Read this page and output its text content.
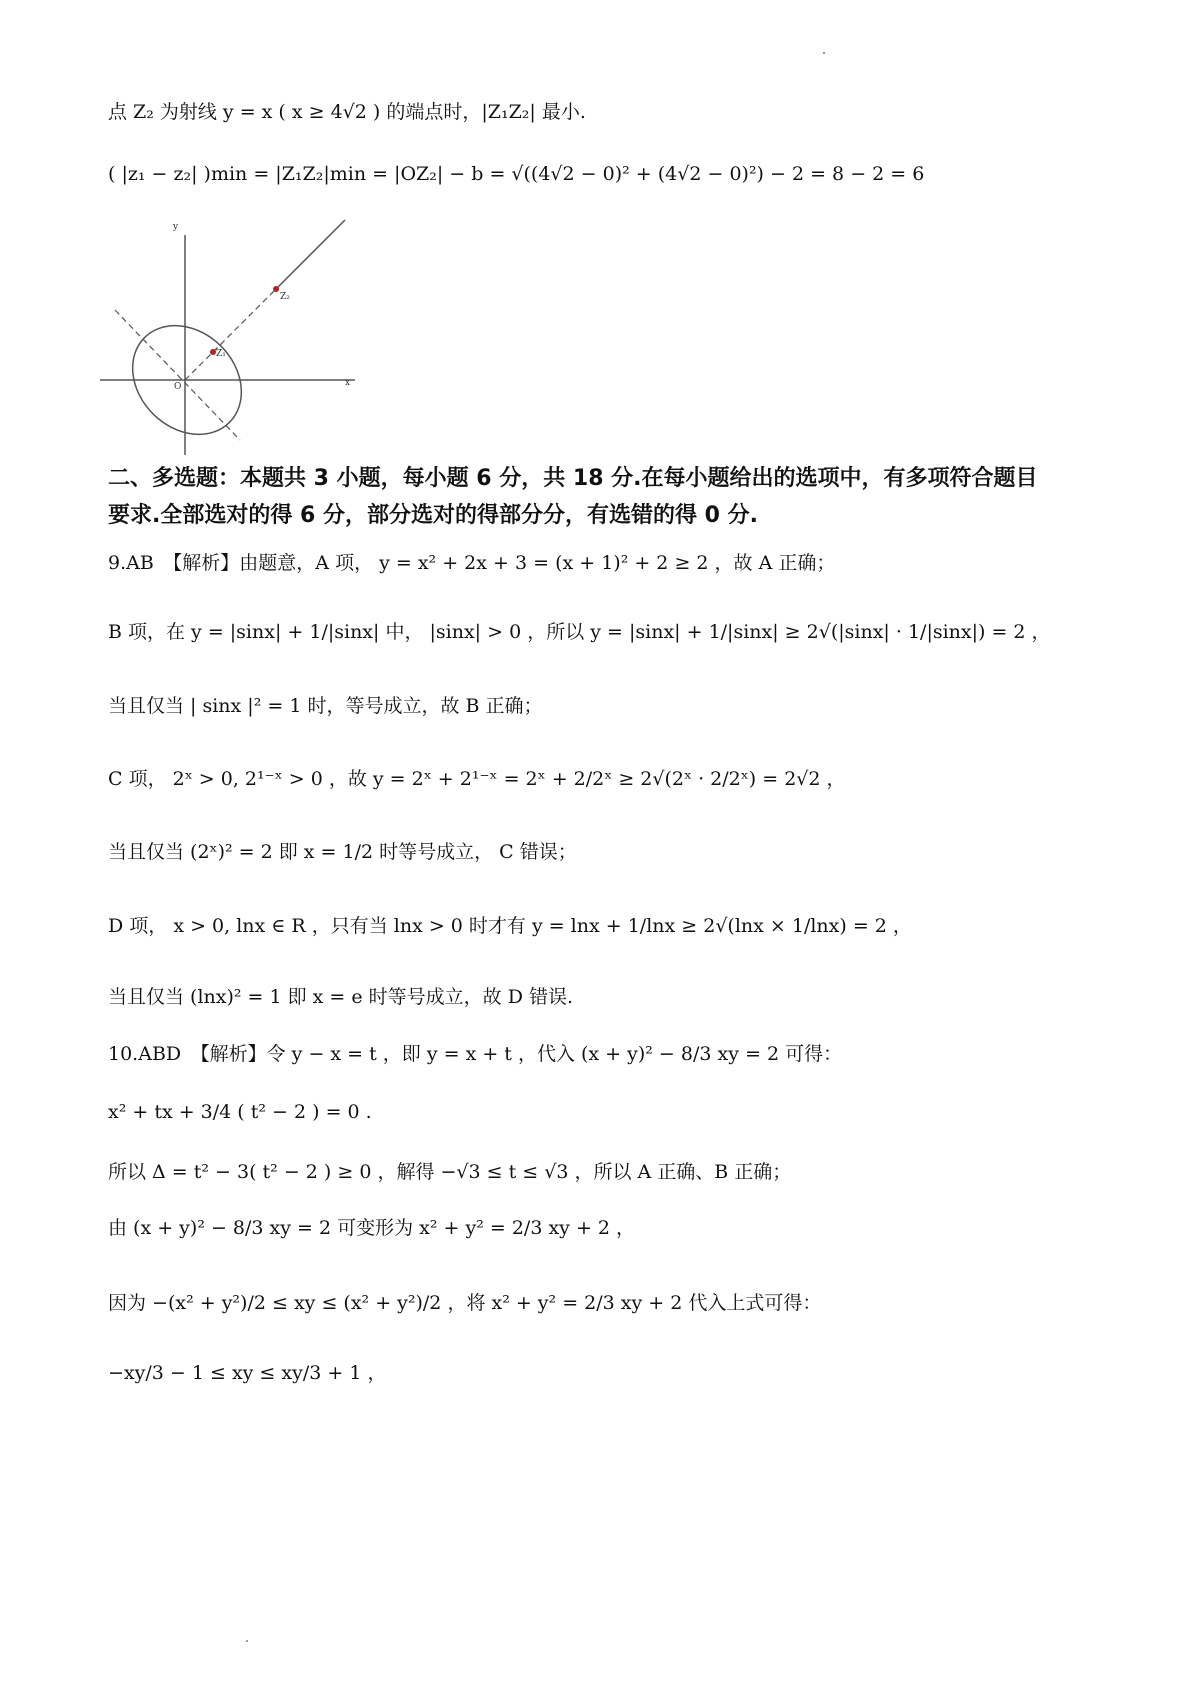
点 Z₂ 为射线 y = x ( x ≥ 4√2 ) 的端点时，|Z₁Z₂| 最小.
( |z₁ − z₂| )min = |Z₁Z₂|min = |OZ₂| − b = √((4√2 − 0)² + (4√2 − 0)²) − 2 = 8 − 2 = 6
y
x
O
Z₁
Z₂
二、多选题：本题共 3 小题，每小题 6 分，共 18 分.在每小题给出的选项中，有多项符合题目
要求.全部选对的得 6 分，部分选对的得部分分，有选错的得 0 分.
9.AB　【解析】由题意，A 项， y = x² + 2x + 3 = (x + 1)² + 2 ≥ 2 ，故 A 正确；
B 项，在 y = |sinx| + 1/|sinx| 中， |sinx| > 0 ，所以 y = |sinx| + 1/|sinx| ≥ 2√(|sinx| · 1/|sinx|) = 2 ，
当且仅当 | sinx |² = 1 时，等号成立，故 B 正确；
C 项， 2ˣ > 0, 2¹⁻ˣ > 0 ，故 y = 2ˣ + 2¹⁻ˣ = 2ˣ + 2/2ˣ ≥ 2√(2ˣ · 2/2ˣ) = 2√2 ，
当且仅当 (2ˣ)² = 2 即 x = 1/2 时等号成立， C 错误；
D 项， x > 0, lnx ∈ R ，只有当 lnx > 0 时才有 y = lnx + 1/lnx ≥ 2√(lnx × 1/lnx) = 2 ，
当且仅当 (lnx)² = 1 即 x = e 时等号成立，故 D 错误.
10.ABD　【解析】令 y − x = t ，即 y = x + t ，代入 (x + y)² − 8/3 xy = 2 可得：
x² + tx + 3/4 ( t² − 2 ) = 0 .
所以 Δ = t² − 3( t² − 2 ) ≥ 0 ，解得 −√3 ≤ t ≤ √3 ，所以 A 正确、B 正确；
由 (x + y)² − 8/3 xy = 2 可变形为 x² + y² = 2/3 xy + 2 ，
因为 −(x² + y²)/2 ≤ xy ≤ (x² + y²)/2 ，将 x² + y² = 2/3 xy + 2 代入上式可得：
−xy/3 − 1 ≤ xy ≤ xy/3 + 1 ，
